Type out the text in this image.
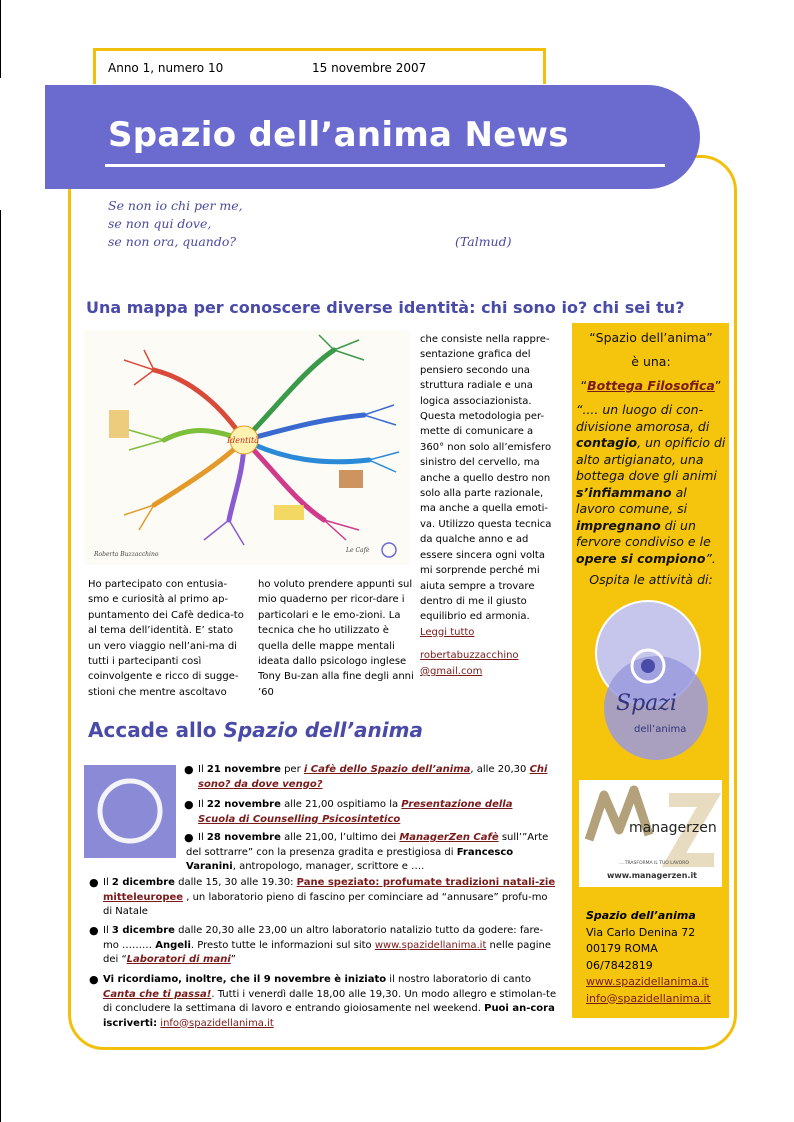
Anno 1, numero 10	15 novembre 2007
Spazio dell’anima News
Se non io chi per me,
se non qui dove,
se non ora, quando?	(Talmud)
Una mappa per conoscere diverse identità: chi sono io? chi sei tu?
Identità
Roberta Buzzacchino
Le Cafè
Ho partecipato con entusia-smo e curiosità al primo ap-puntamento dei Cafè dedica-to al tema dell’identità. E’ stato un vero viaggio nell’ani-ma di tutti i partecipanti così coinvolgente e ricco di sugge-stioni che mentre ascoltavo
ho voluto prendere appunti sul mio quaderno per ricor-dare i particolari e le emo-zioni. La tecnica che ho utilizzato è quella delle mappe mentali ideata dallo psicologo inglese Tony Bu-zan alla fine degli anni ’60
che consiste nella rappre-sentazione grafica del pensiero secondo una struttura radiale e una logica associazionista. Questa metodologia per-mette di comunicare a 360° non solo all’emisfero sinistro del cervello, ma anche a quello destro non solo alla parte razionale, ma anche a quella emoti-va. Utilizzo questa tecnica da qualche anno e ad essere sincera ogni volta mi sorprende perché mi aiuta sempre a trovare dentro di me il giusto equilibrio ed armonia.
Leggi tutto
robertabuzzacchino
@gmail.com
“Spazio dell’anima”
è una:
“Bottega Filosofica”
“.... un luogo di con-divisione amorosa, di contagio, un opificio di alto artigianato, una bottega dove gli animi s’infiammano al lavoro comune, si impregnano di un fervore condiviso e le opere si compiono”.
Ospita le attività di:
Spazi
dell’anima
managerzen
....TRASFORMA IL TUO LAVORO
www.managerzen.it
Spazio dell’anima
Via Carlo Denina 72
00179 ROMA
06/7842819
www.spazidellanima.it
info@spazidellanima.it
Accade allo Spazio dell’anima
● Il 21 novembre per i Cafè dello Spazio dell’anima, alle 20,30 Chi sono? da dove vengo?
● Il 22 novembre alle 21,00 ospitiamo la Presentazione della Scuola di Counselling Psicosintetico
● Il 28 novembre alle 21,00, l’ultimo dei ManagerZen Cafè sull’”Arte del sottrarre” con la presenza gradita e prestigiosa di Francesco Varanini, antropologo, manager, scrittore e ….
● Il 2 dicembre dalle 15, 30 alle 19.30: Pane speziato: profumate tradizioni natali-zie mitteleuropee , un laboratorio pieno di fascino per cominciare ad “annusare” profu-mo di Natale
● Il 3 dicembre dalle 20,30 alle 23,00 un altro laboratorio natalizio tutto da godere: fare-mo ……… Angeli. Presto tutte le informazioni sul sito www.spazidellanima.it nelle pagine dei “Laboratori di mani”
● Vi ricordiamo, inoltre, che il 9 novembre è iniziato il nostro laboratorio di canto Canta che ti passa!. Tutti i venerdì dalle 18,00 alle 19,30. Un modo allegro e stimolan-te di concludere la settimana di lavoro e entrando gioiosamente nel weekend. Puoi an-cora iscriverti: info@spazidellanima.it
